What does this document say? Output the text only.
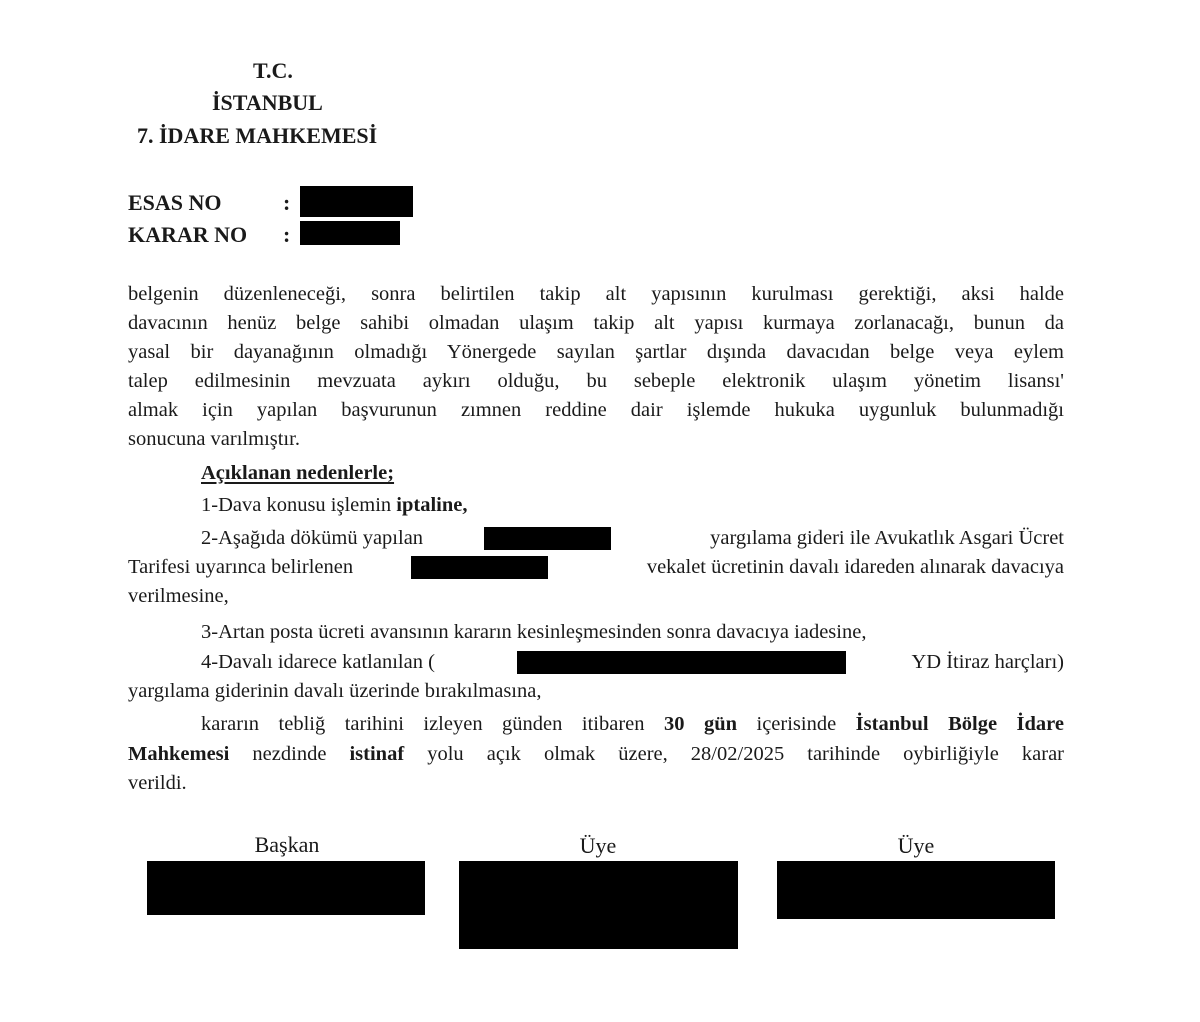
T.C.
İSTANBUL
7. İDARE MAHKEMESİ
ESAS NO	:
KARAR NO :
belgenin düzenleneceği, sonra belirtilen takip alt yapısının kurulması gerektiği, aksi halde
davacının henüz belge sahibi olmadan ulaşım takip alt yapısı kurmaya zorlanacağı, bunun da
yasal bir dayanağının olmadığı Yönergede sayılan şartlar dışında davacıdan belge veya eylem
talep edilmesinin mevzuata aykırı olduğu, bu sebeple elektronik ulaşım yönetim lisansı'
almak için yapılan başvurunun zımnen reddine dair işlemde hukuka uygunluk bulunmadığı
sonucuna varılmıştır.
Açıklanan nedenlerle;
1-Dava konusu işlemin iptaline,
2-Aşağıda dökümü yapılan	yargılama gideri ile Avukatlık Asgari Ücret
Tarifesi uyarınca belirlenen	vekalet ücretinin davalı idareden alınarak davacıya
verilmesine,
3-Artan posta ücreti avansının kararın kesinleşmesinden sonra davacıya iadesine,
4-Davalı idarece katlanılan (	YD İtiraz harçları)
yargılama giderinin davalı üzerinde bırakılmasına,
kararın tebliğ tarihini izleyen günden itibaren 30 gün içerisinde İstanbul Bölge İdare
Mahkemesi nezdinde istinaf yolu açık olmak üzere, 28/02/2025 tarihinde oybirliğiyle karar
verildi.
Başkan	Üye	Üye
